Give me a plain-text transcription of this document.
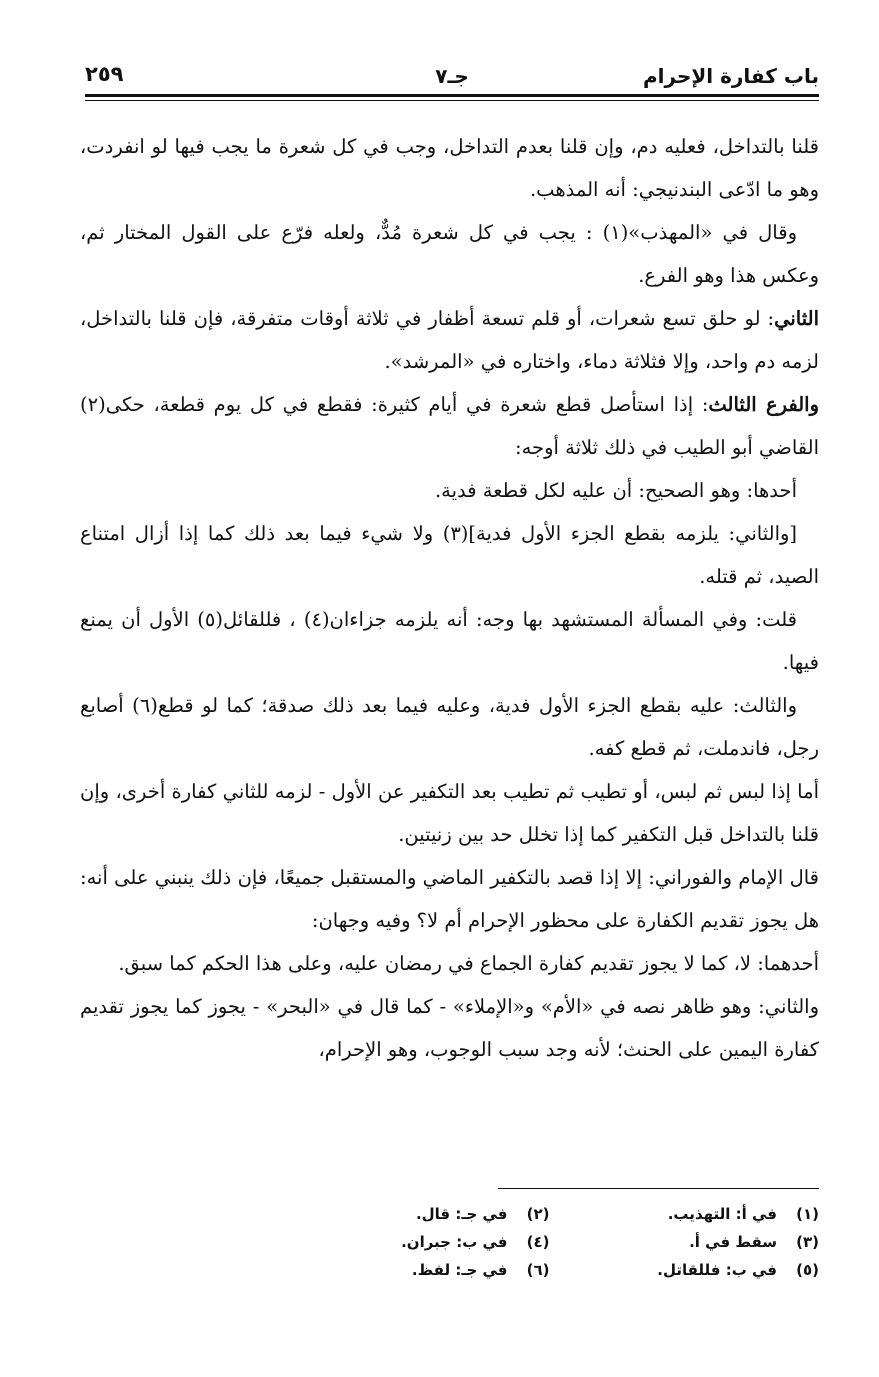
باب كفارة الإحرام
جـ٧
٢٥٩

قلنا بالتداخل، فعليه دم، وإن قلنا بعدم التداخل، وجب في كل شعرة ما يجب فيها لو انفردت، وهو ما ادّعى البندنيجي: أنه المذهب.

وقال في «المهذب»(١) : يجب في كل شعرة مُدٌّ، ولعله فرّع على القول المختار ثم، وعكس هذا وهو الفرع.

الثاني: لو حلق تسع شعرات، أو قلم تسعة أظفار في ثلاثة أوقات متفرقة، فإن قلنا بالتداخل، لزمه دم واحد، وإلا فثلاثة دماء، واختاره في «المرشد».

والفرع الثالث: إذا استأصل قطع شعرة في أيام كثيرة: فقطع في كل يوم قطعة، حكى(٢) القاضي أبو الطيب في ذلك ثلاثة أوجه:

أحدها: وهو الصحيح: أن عليه لكل قطعة فدية.

[والثاني: يلزمه بقطع الجزء الأول فدية](٣) ولا شيء فيما بعد ذلك كما إذا أزال امتناع الصيد، ثم قتله.

قلت: وفي المسألة المستشهد بها وجه: أنه يلزمه جزاءان(٤) ، فللقائل(٥) الأول أن يمنع فيها.

والثالث: عليه بقطع الجزء الأول فدية، وعليه فيما بعد ذلك صدقة؛ كما لو قطع(٦) أصابع رجل، فاندملت، ثم قطع كفه.

أما إذا لبس ثم لبس، أو تطيب ثم تطيب بعد التكفير عن الأول - لزمه للثاني كفارة أخرى، وإن قلنا بالتداخل قبل التكفير كما إذا تخلل حد بين زنيتين.

قال الإمام والفوراني: إلا إذا قصد بالتكفير الماضي والمستقبل جميعًا، فإن ذلك ينبني على أنه: هل يجوز تقديم الكفارة على محظور الإحرام أم لا؟ وفيه وجهان:

أحدهما: لا، كما لا يجوز تقديم كفارة الجماع في رمضان عليه، وعلى هذا الحكم كما سبق.

والثاني: وهو ظاهر نصه في «الأم» و«الإملاء» - كما قال في «البحر» - يجوز كما يجوز تقديم كفارة اليمين على الحنث؛ لأنه وجد سبب الوجوب، وهو الإحرام،

(١)في أ: التهذيب.
(٢)في جـ: قال.
(٣)سقط في أ.
(٤)في ب: جبران.
(٥)في ب: فللقاتل.
(٦)في جـ: لفظ.
